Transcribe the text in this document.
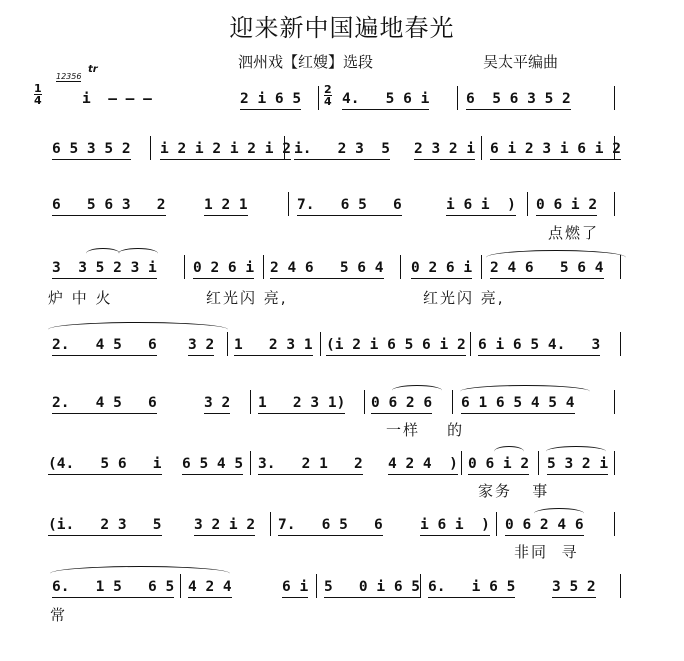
迎来新中国遍地春光
泗州戏【红嫂】选段	吴太平编曲
$\frac{1}{4}$
12356
tr
i  — — —	2 i 6 $5 \frac{2}{4} 4$.   5 6 i	6  5 6 3 5 2
6 5 3 5 2 i 2 i 2 i 2 i 2 i.   2 3  5 2 3 2 i 6 i 2 3 i 6 i 2
6   5 6 3   2	1 2 1	7.   6 5   6	i 6 i  ) 0 6 i 2
点燃了
3  3 5 2 3 i 0 2 6 i 2 4 6   5 6 4 0 2 6 i 2 4 6   5 6 4
炉 中 火	红光闪 亮,	红光闪 亮,
2.   4 5   6 3 2 1   2 3 1 (i 2 i 6 5 6 i 2 6 i 6 5 4.   3
2.   4 5   6	3 2 1   2 3 1) 0 6 2 6 6 1 6 5 4 5 4
一样    的
(4.   5 6   i 6 5 4 5 3.   2 1   2 4 2 4  ) 0 6 i 2 5 3 2 i
家务   事
(i.   2 3   5 3 2 i 2 7.   6 5   6	i 6 i  ) 0 6 2 4 6
非同  寻
6.   1 5   6 5 4 2 4	6 i 5   0 i 6 5 6.   i 6 5	3 5 2
常
